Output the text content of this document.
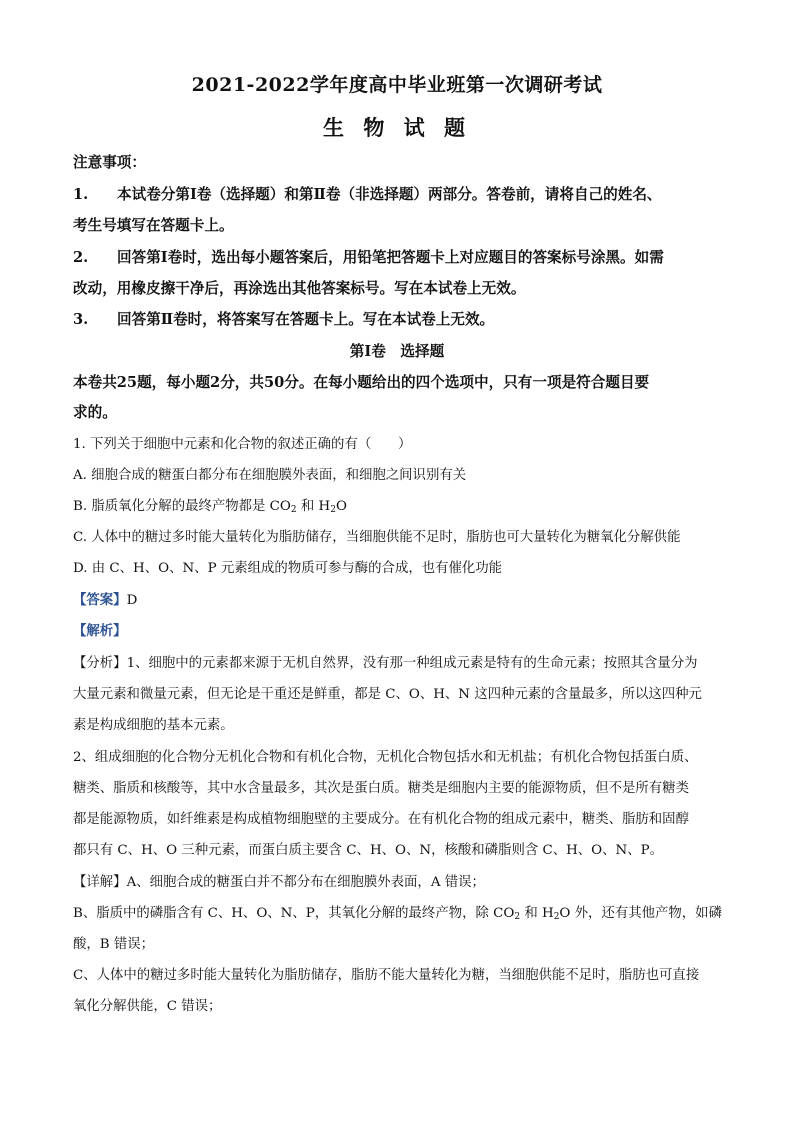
2021-2022学年度高中毕业班第一次调研考试
生 物 试 题
注意事项：
1. 本试卷分第Ⅰ卷（选择题）和第Ⅱ卷（非选择题）两部分。答卷前，请将自己的姓名、
考生号填写在答题卡上。
2. 回答第Ⅰ卷时，选出每小题答案后，用铅笔把答题卡上对应题目的答案标号涂黑。如需
改动，用橡皮擦干净后，再涂选出其他答案标号。写在本试卷上无效。
3. 回答第Ⅱ卷时，将答案写在答题卡上。写在本试卷上无效。
第Ⅰ卷　选择题
本卷共25题，每小题2分，共50分。在每小题给出的四个选项中，只有一项是符合题目要
求的。
1. 下列关于细胞中元素和化合物的叙述正确的有（　　）
A. 细胞合成的糖蛋白都分布在细胞膜外表面，和细胞之间识别有关
B. 脂质氧化分解的最终产物都是 $CO_2$ 和 $H_2O$
C. 人体中的糖过多时能大量转化为脂肪储存，当细胞供能不足时，脂肪也可大量转化为糖氧化分解供能
D. 由 C、H、O、N、P 元素组成的物质可参与酶的合成，也有催化功能
【答案】D
【解析】
【分析】1、细胞中的元素都来源于无机自然界，没有那一种组成元素是特有的生命元素；按照其含量分为
大量元素和微量元素，但无论是干重还是鲜重，都是 C、O、H、N 这四种元素的含量最多，所以这四种元
素是构成细胞的基本元素。
2、组成细胞的化合物分无机化合物和有机化合物，无机化合物包括水和无机盐；有机化合物包括蛋白质、
糖类、脂质和核酸等，其中水含量最多，其次是蛋白质。糖类是细胞内主要的能源物质，但不是所有糖类
都是能源物质，如纤维素是构成植物细胞壁的主要成分。在有机化合物的组成元素中，糖类、脂肪和固醇
都只有 C、H、O 三种元素，而蛋白质主要含 C、H、O、N，核酸和磷脂则含 C、H、O、N、P。
【详解】A、细胞合成的糖蛋白并不都分布在细胞膜外表面，A 错误；
B、脂质中的磷脂含有 C、H、O、N、P，其氧化分解的最终产物，除 $CO_2$ 和 $H_2O$ 外，还有其他产物，如磷
酸，B 错误；
C、人体中的糖过多时能大量转化为脂肪储存，脂肪不能大量转化为糖，当细胞供能不足时，脂肪也可直接
氧化分解供能，C 错误；
